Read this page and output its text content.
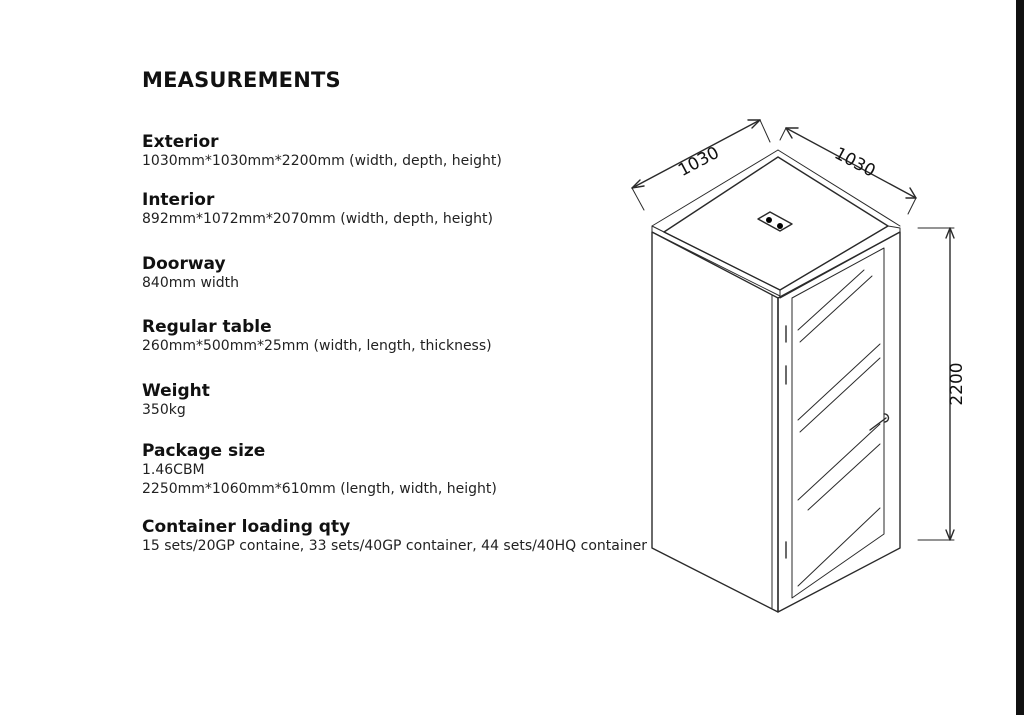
MEASUREMENTS
Exterior
1030mm*1030mm*2200mm (width, depth, height)
Interior
892mm*1072mm*2070mm (width, depth, height)
Doorway
840mm width
Regular table
260mm*500mm*25mm (width, length, thickness)
Weight
350kg
Package size
1.46CBM
2250mm*1060mm*610mm (length, width, height)
Container loading qty
15 sets/20GP containe, 33 sets/40GP container, 44 sets/40HQ container
1030	1030
2200
